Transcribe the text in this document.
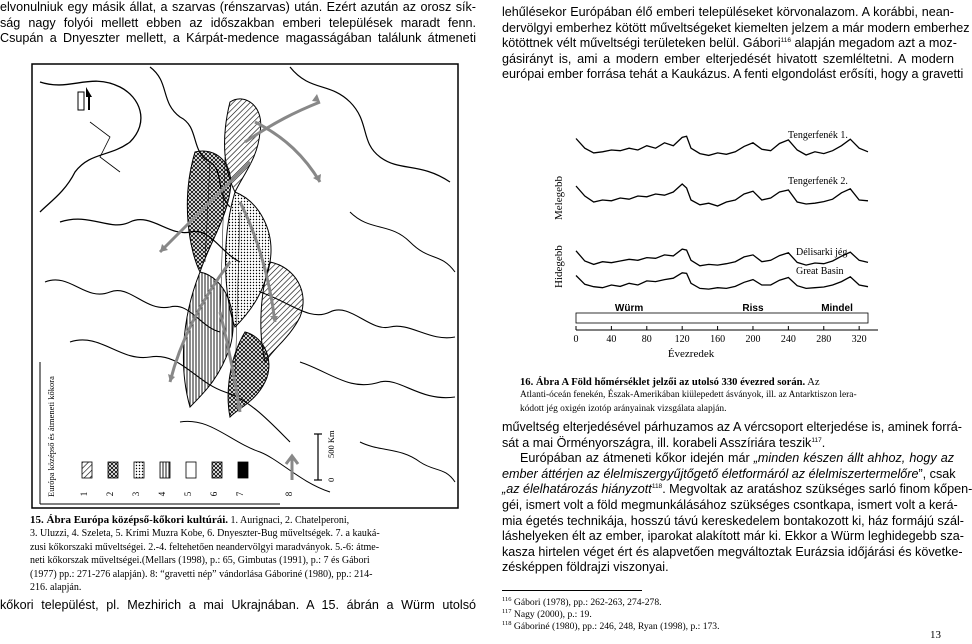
elvonulniuk egy másik állat, a szarvas (rénszarvas) után. Ezért azután az orosz sík-
ság nagy folyói mellett ebben az időszakban emberi települések maradt fenn.
Csupán a Dnyeszter mellett, a Kárpát-medence magasságában találunk átmeneti
lehűlésekor Európában élő emberi településeket körvonalazom. A korábbi, nean-
dervölgyi emberhez kötött műveltségeket kiemelten jelzem a már modern emberhez
kötöttnek vélt műveltségi területeken belül. Gábori$^{116}$ alapján megadom azt a moz-
gásirányt is, ami a modern ember elterjedését hivatott szemléltetni. A modern
európai ember forrása tehát a Kaukázus. A fenti elgondolást erősíti, hogy a gravetti
1 2 3 4 5 6 7	8
Európa középső és átmeneti kőkora	0
500 Km
Tengerfenék 1.
Tengerfenék 2.
Délisarki jég
Great Basin
Würm	Riss	Mindel
0	40	80 120 160 200 240 280 320
Évezredek
Hidegebb
Melegebb
16. Ábra A Föld hőmérséklet jelzői az utolsó 330 évezred során. Az
Atlanti-óceán fenekén, Észak-Amerikában kiülepedett ásványok, ill. az Antarktiszon lera-
kódott jég oxigén izotóp arányainak vizsgálata alapján.
műveltség elterjedésével párhuzamos az A vércsoport elterjedése is, aminek forrá-
sát a mai Örményországra, ill. korabeli Asszíriára teszik$^{117}$.
Európában az átmeneti kőkor idején már „minden készen állt ahhoz, hogy az
ember áttérjen az élelmiszergyűjtőgető életformáról az élelmiszertermelőre”, csak
„az élelhatározás hiányzott$^{118}$. Megvoltak az aratáshoz szükséges sarló finom kőpen-
géi, ismert volt a föld megmunkálásához szükséges csontkapa, ismert volt a kerá-
mia égetés technikája, hosszú távú kereskedelem bontakozott ki, ház formájú szál-
láshelyeken élt az ember, iparokat alakított már ki. Ekkor a Würm leghidegebb sza-
kasza hirtelen véget ért és alapvetően megváltoztak Eurázsia időjárási és követke-
zésképpen földrajzi viszonyai.
15. Ábra Európa középső-kőkori kultúrái. 1. Aurignaci, 2. Chatelperoni,
3. Uluzzi, 4. Szeleta, 5. Krími Muzra Kobe, 6. Dnyeszter-Bug műveltségek. 7. a kauká-
zusi kőkorszaki műveltségei. 2.-4. feltehetően neandervölgyi maradványok. 5.-6: átme-
neti kőkorszak műveltségei.(Mellars (1998), p.: 65, Gimbutas (1991), p.: 7 és Gábori
(1977) pp.: 271-276 alapján). 8: “gravetti nép” vándorlása Gáboriné (1980), pp.: 214-
216. alapján.
kőkori települést, pl. Mezhirich a mai Ukrajnában. A 15. ábrán a Würm utolsó	$^{116}$ Gábori (1978), pp.: 262-263, 274-278.
$^{117}$ Nagy (2000), p.: 19.
$^{118}$ Gáboriné (1980), pp.: 246, 248, Ryan (1998), p.: 173.
13
